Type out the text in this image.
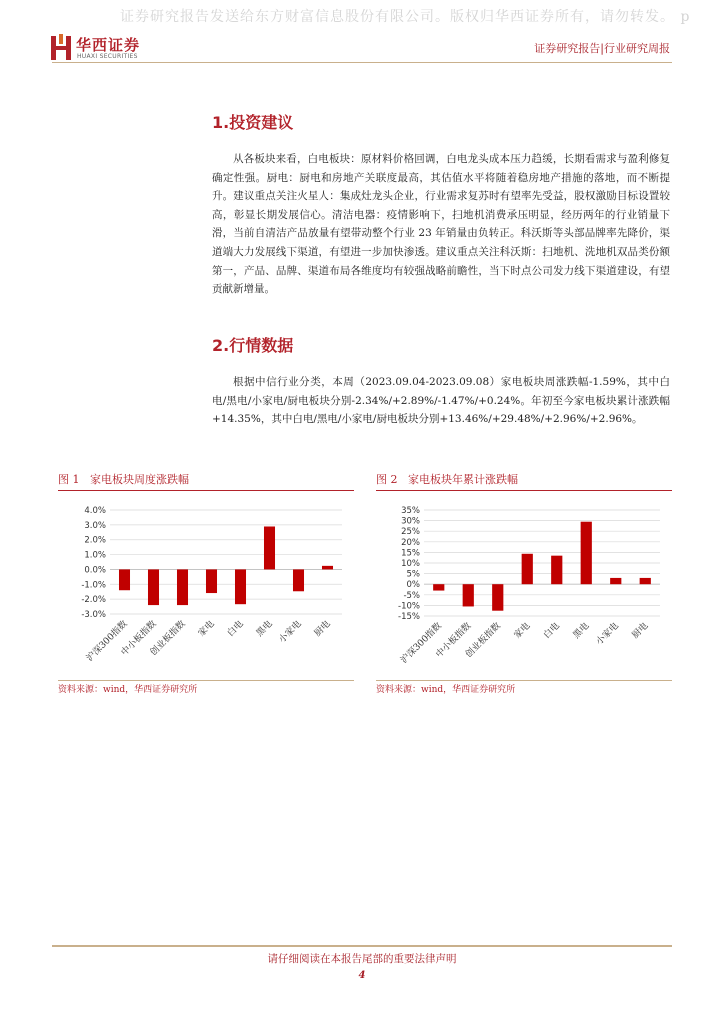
证券研究报告发送给东方财富信息股份有限公司。版权归华西证券所有，请勿转发。 p
华西证券
HUAXI SECURITIES
证券研究报告|行业研究周报
1.投资建议
从各板块来看，白电板块：原材料价格回调，白电龙头成本压力趋缓，长期看需求与盈利修复确定性强。厨电：厨电和房地产关联度最高，其估值水平将随着稳房地产措施的落地，而不断提升。建议重点关注火星人：集成灶龙头企业，行业需求复苏时有望率先受益，股权激励目标设置较高，彰显长期发展信心。清洁电器：疫情影响下，扫地机消费承压明显，经历两年的行业销量下滑，当前自清洁产品放量有望带动整个行业 23 年销量由负转正。科沃斯等头部品牌率先降价，渠道端大力发展线下渠道，有望进一步加快渗透。建议重点关注科沃斯：扫地机、洗地机双品类份额第一，产品、品牌、渠道布局各维度均有较强战略前瞻性，当下时点公司发力线下渠道建设，有望贡献新增量。
2.行情数据
根据中信行业分类，本周（2023.09.04-2023.09.08）家电板块周涨跌幅-1.59%，其中白电/黑电/小家电/厨电板块分别-2.34%/+2.89%/-1.47%/+0.24%。年初至今家电板块累计涨跌幅+14.35%，其中白电/黑电/小家电/厨电板块分别+13.46%/+29.48%/+2.96%/+2.96%。
图 1 家电板块周度涨跌幅
4.0%
3.0%
2.0%
1.0%
0.0%
-1.0%
-2.0%
-3.0%
沪深300指数
中小板指数
创业板指数 家电 白电 黑电 小家电 厨电
资料来源：wind，华西证券研究所
图 2 家电板块年累计涨跌幅
35%
30%
25%
20%
15%
10%
5%
0%
-5%
-10%
-15%
沪深300指数
中小板指数
创业板指数 家电 白电 黑电 小家电 厨电
资料来源：wind，华西证券研究所
请仔细阅读在本报告尾部的重要法律声明
4
